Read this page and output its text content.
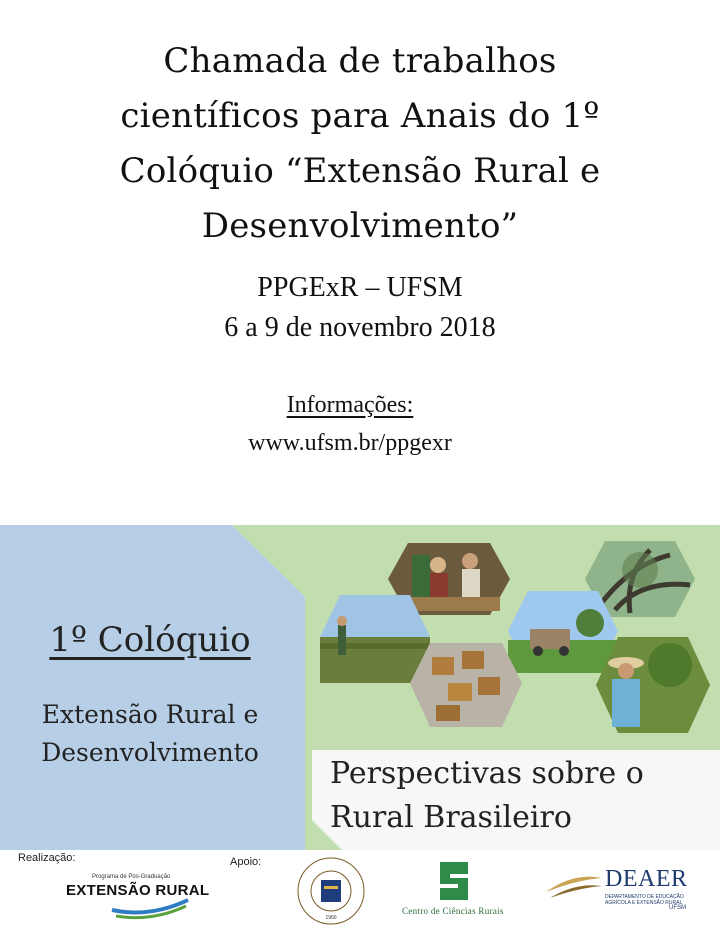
Chamada de trabalhos
científicos para Anais do 1º
Colóquio “Extensão Rural e
Desenvolvimento”
PPGExR – UFSM
6 a 9 de novembro 2018
Informações:
www.ufsm.br/ppgexr
1º Colóquio
Extensão Rural e
Desenvolvimento
Perspectivas sobre o
Rural Brasileiro
Realização:	Apoio:
Programa de Pós-Graduação
EXTENSÃO RURAL
1960
Centro de Ciências Rurais
DEAER
DEPARTAMENTO DE EDUCAÇÃO AGRÍCOLA E EXTENSÃO RURAL
UFSM
